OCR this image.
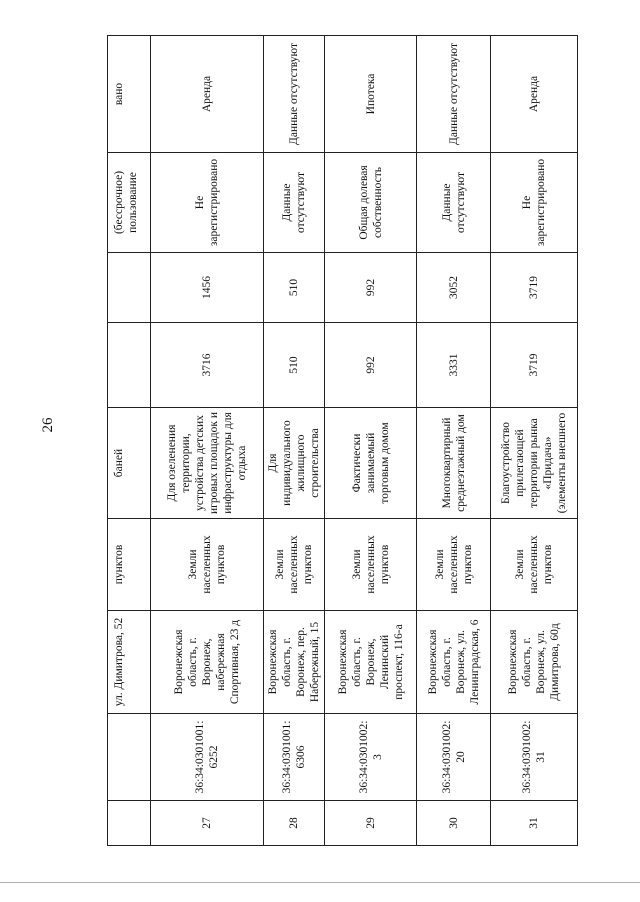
26
		ул. Димитрова, 52	пунктов	баней			(бессрочное) пользование	вано
27	36:34:0301001:6252	Воронежская область, г. Воронеж, набережная Спортивная, 23 д	Земли населенных пунктов	Для озеленения территории, устройства детских игровых площадок и инфраструктуры для отдыха	3716	1456	Не зарегистрировано	Аренда
28	36:34:0301001:6306	Воронежская область, г. Воронеж, пер. Набережный, 15	Земли населенных пунктов	Для индивидуального жилищного строительства	510	510	Данные отсутствуют	Данные отсутствуют
29	36:34:0301002:3	Воронежская область, г. Воронеж, Ленинский проспект, 116-а	Земли населенных пунктов	Фактически занимаемый торговым домом	992	992	Общая долевая собственность	Ипотека
30	36:34:0301002:20	Воронежская область, г. Воронеж, ул. Ленинградская, 6	Земли населенных пунктов	Многоквартирный среднеэтажный дом	3331	3052	Данные отсутствуют	Данные отсутствуют
31	36:34:0301002:31	Воронежская область, г. Воронеж, ул. Димитрова, 60д	Земли населенных пунктов	Благоустройство прилегающей территории рынка «Придача» (элементы внешнего	3719	3719	Не зарегистрировано	Аренда
